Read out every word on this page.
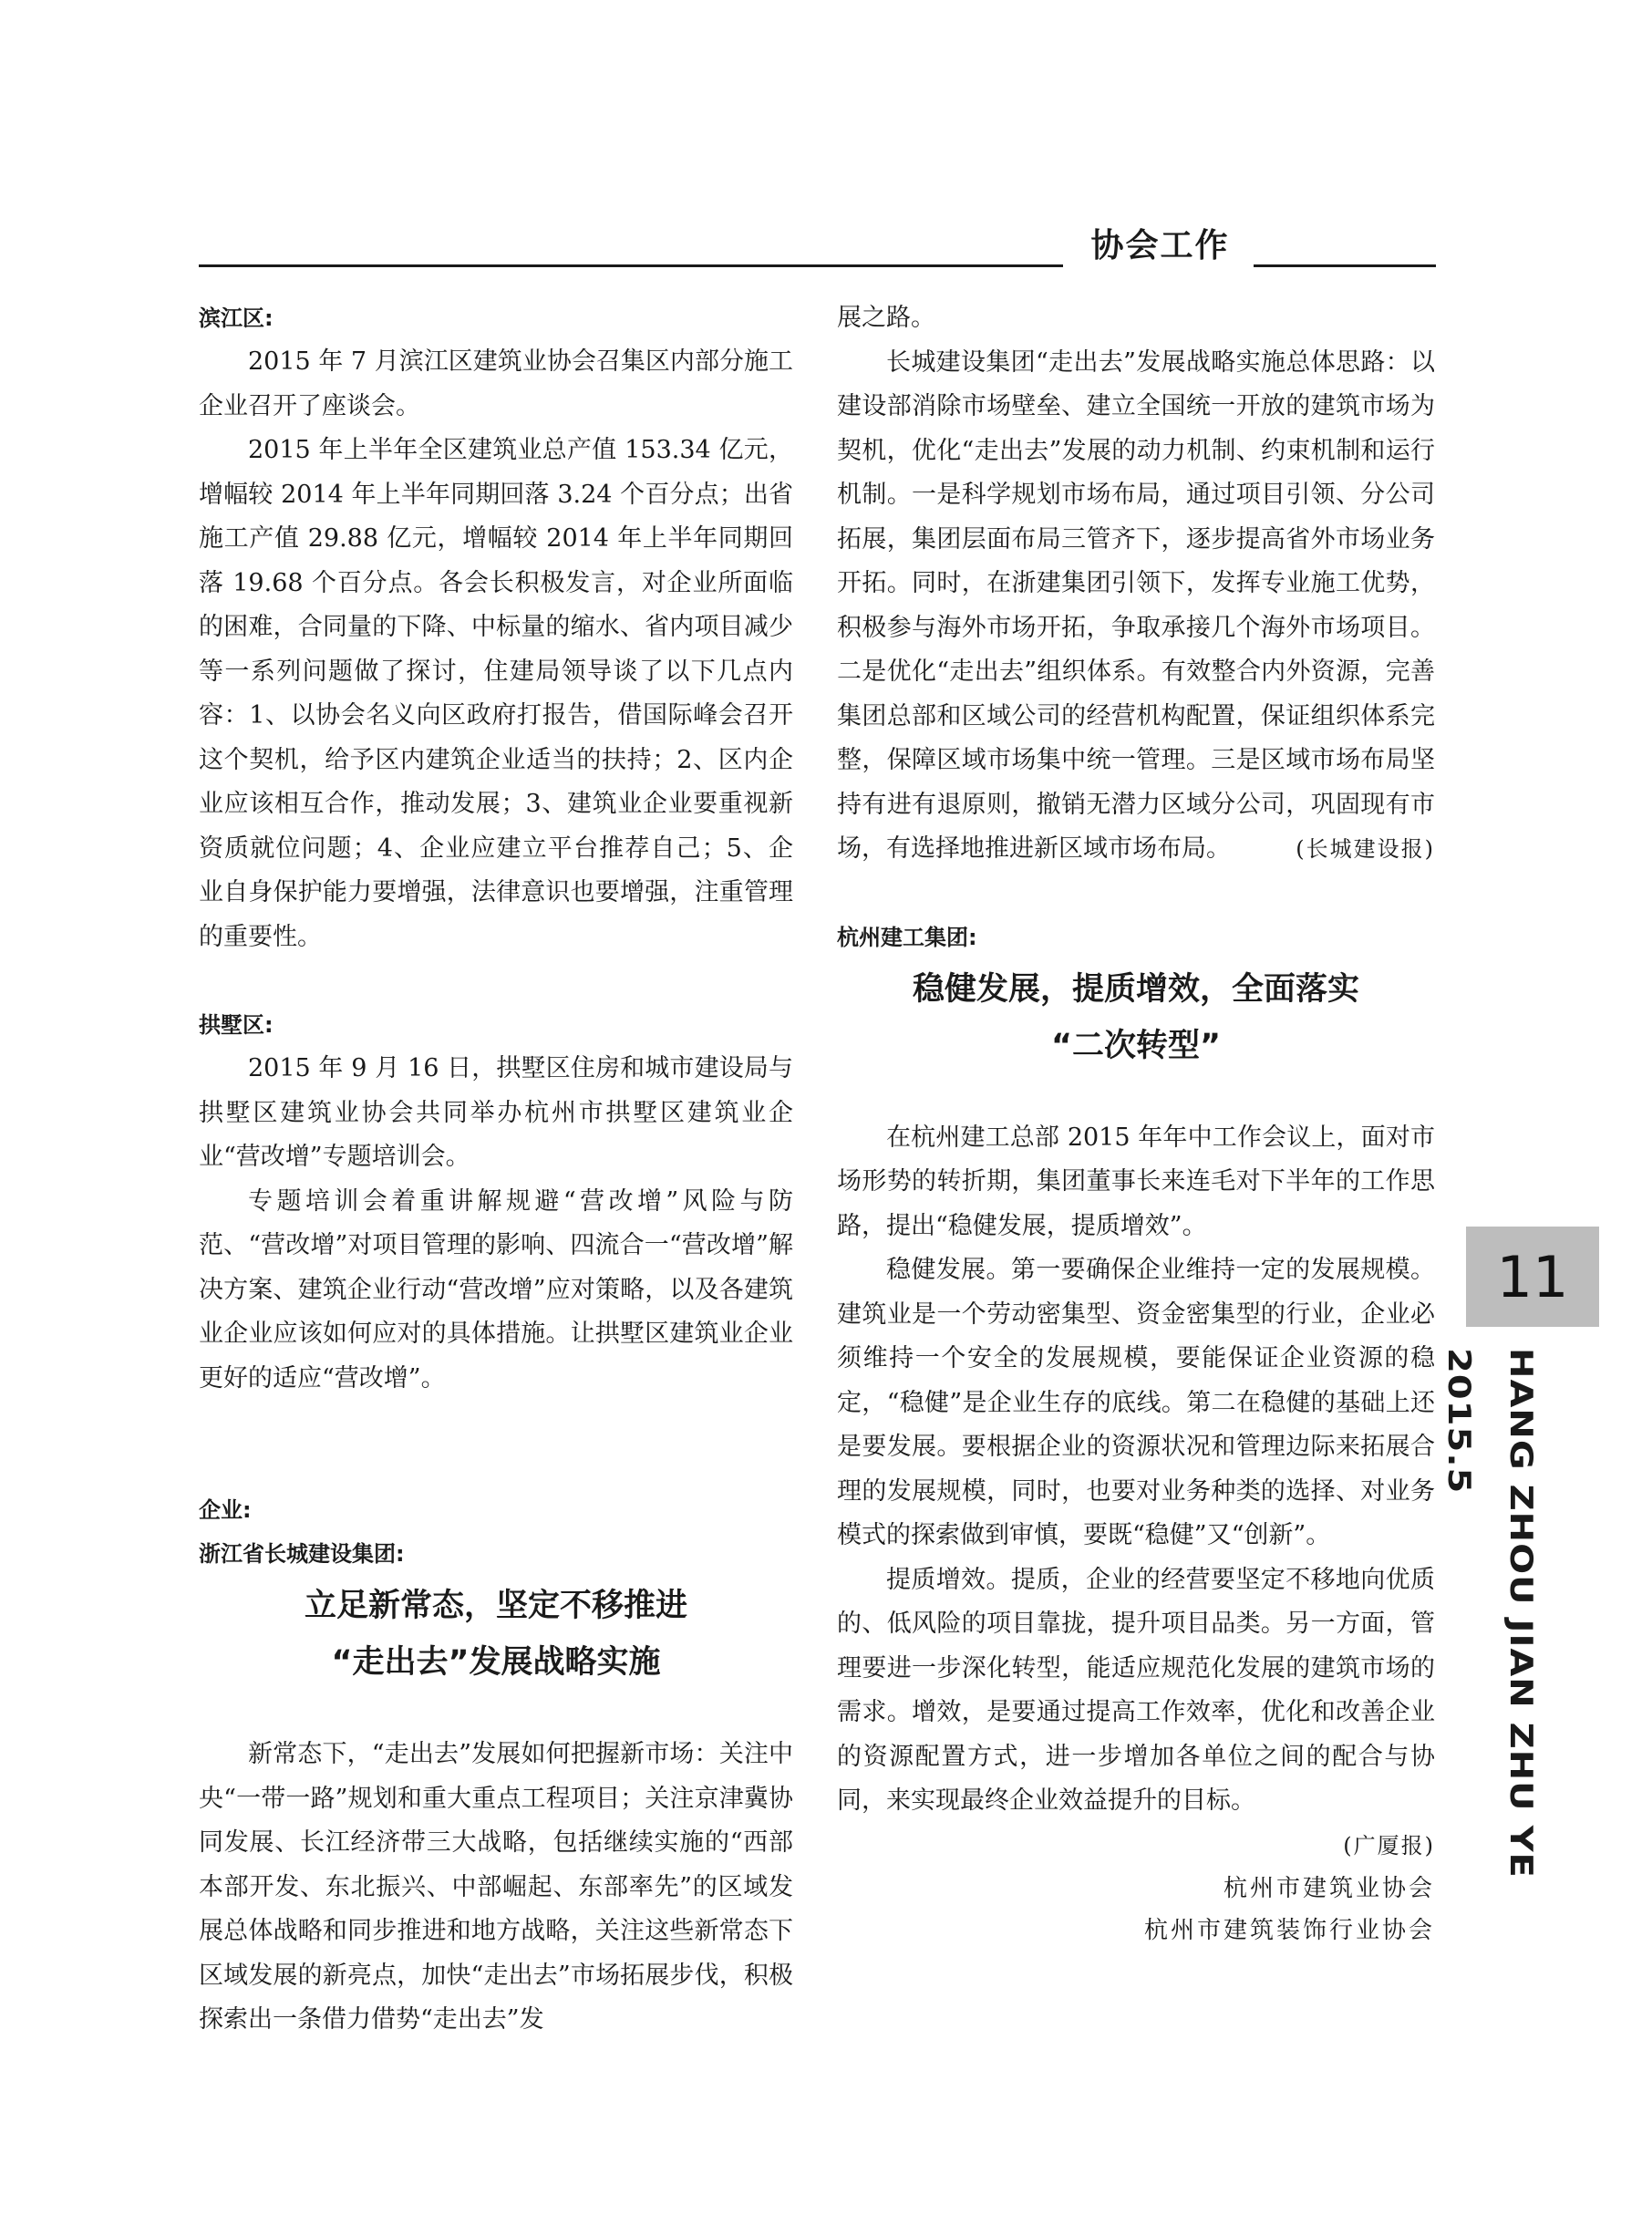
协会工作
滨江区:

2015 年 7 月滨江区建筑业协会召集区内部分施工企业召开了座谈会。

2015 年上半年全区建筑业总产值 153.34 亿元，增幅较 2014 年上半年同期回落 3.24 个百分点；出省施工产值 29.88 亿元，增幅较 2014 年上半年同期回落 19.68 个百分点。各会长积极发言，对企业所面临的困难，合同量的下降、中标量的缩水、省内项目减少等一系列问题做了探讨，住建局领导谈了以下几点内容：1、以协会名义向区政府打报告，借国际峰会召开这个契机，给予区内建筑企业适当的扶持；2、区内企业应该相互合作，推动发展；3、建筑业企业要重视新资质就位问题；4、企业应建立平台推荐自己；5、企业自身保护能力要增强，法律意识也要增强，注重管理的重要性。

拱墅区:

2015 年 9 月 16 日，拱墅区住房和城市建设局与拱墅区建筑业协会共同举办杭州市拱墅区建筑业企业“营改增”专题培训会。

专题培训会着重讲解规避“营改增”风险与防范、“营改增”对项目管理的影响、四流合一“营改增”解决方案、建筑企业行动“营改增”应对策略，以及各建筑业企业应该如何应对的具体措施。让拱墅区建筑业企业更好的适应“营改增”。

企业:
浙江省长城建设集团:
立足新常态，坚定不移推进
“走出去”发展战略实施

新常态下，“走出去”发展如何把握新市场：关注中央“一带一路”规划和重大重点工程项目；关注京津冀协同发展、长江经济带三大战略，包括继续实施的“西部本部开发、东北振兴、中部崛起、东部率先”的区域发展总体战略和同步推进和地方战略，关注这些新常态下区域发展的新亮点，加快“走出去”市场拓展步伐，积极探索出一条借力借势“走出去”发

展之路。

长城建设集团“走出去”发展战略实施总体思路：以建设部消除市场壁垒、建立全国统一开放的建筑市场为契机，优化“走出去”发展的动力机制、约束机制和运行机制。一是科学规划市场布局，通过项目引领、分公司拓展，集团层面布局三管齐下，逐步提高省外市场业务开拓。同时，在浙建集团引领下，发挥专业施工优势，积极参与海外市场开拓，争取承接几个海外市场项目。二是优化“走出去”组织体系。有效整合内外资源，完善集团总部和区域公司的经营机构配置，保证组织体系完整，保障区域市场集中统一管理。三是区域市场布局坚持有进有退原则，撤销无潜力区域分公司，巩固现有市场，有选择地推进新区域市场布局。	(长城建设报)

杭州建工集团:
稳健发展，提质增效，全面落实
“二次转型”

在杭州建工总部 2015 年年中工作会议上，面对市场形势的转折期，集团董事长来连毛对下半年的工作思路，提出“稳健发展，提质增效”。

稳健发展。第一要确保企业维持一定的发展规模。建筑业是一个劳动密集型、资金密集型的行业，企业必须维持一个安全的发展规模，要能保证企业资源的稳定，“稳健”是企业生存的底线。第二在稳健的基础上还是要发展。要根据企业的资源状况和管理边际来拓展合理的发展规模，同时，也要对业务种类的选择、对业务模式的探索做到审慎，要既“稳健”又“创新”。

提质增效。提质，企业的经营要坚定不移地向优质的、低风险的项目靠拢，提升项目品类。另一方面，管理要进一步深化转型，能适应规范化发展的建筑市场的需求。增效，是要通过提高工作效率，优化和改善企业的资源配置方式，进一步增加各单位之间的配合与协同，来实现最终企业效益提升的目标。

(广厦报)

杭州市建筑业协会
杭州市建筑装饰行业协会
11
HANG ZHOU JIAN ZHU YE 2015.5
